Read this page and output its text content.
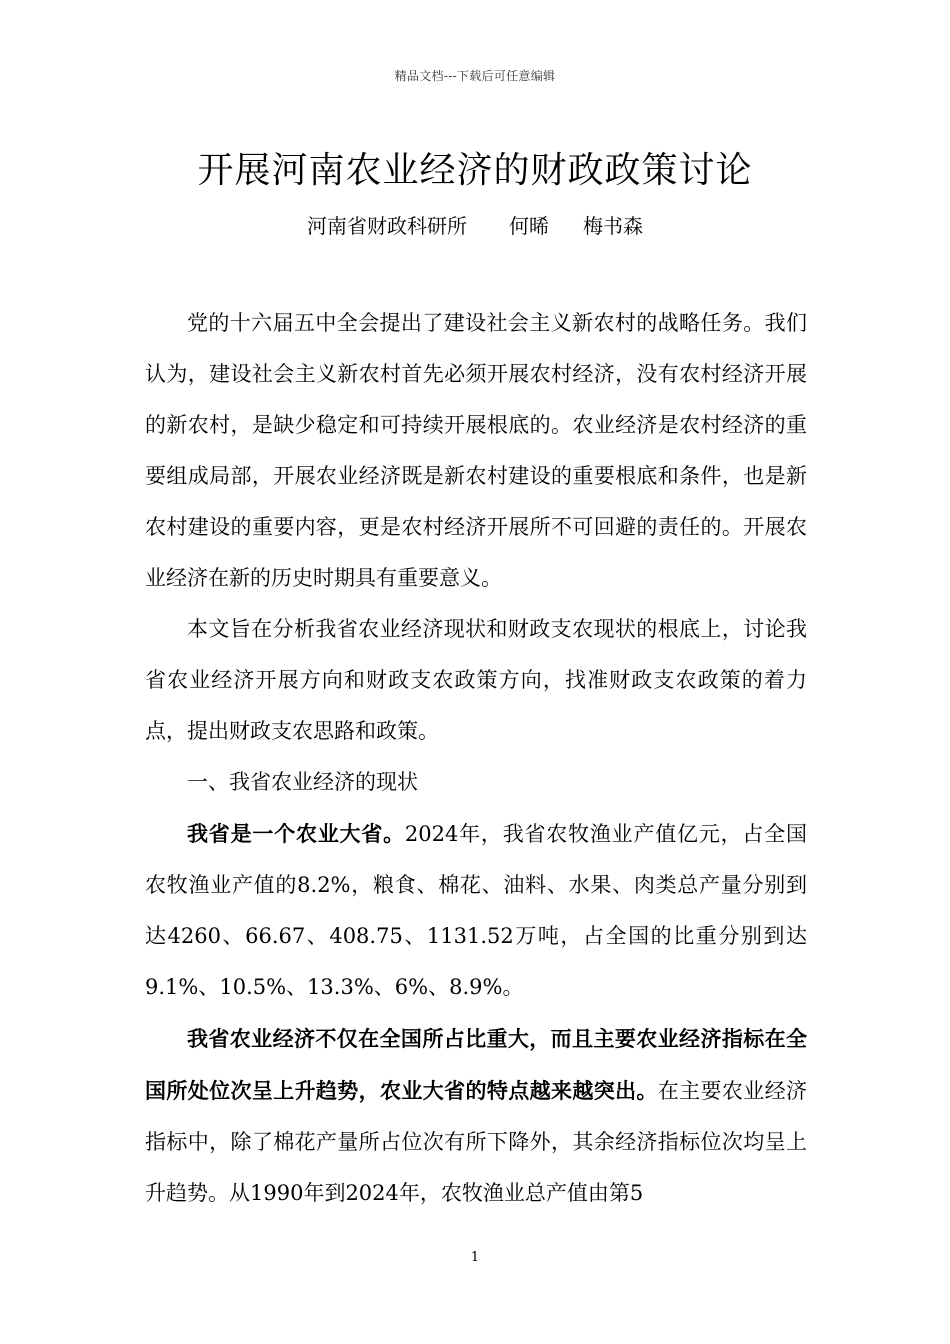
精品文档---下载后可任意编辑
开展河南农业经济的财政政策讨论
河南省财政科研所 何晞 梅书森

党的十六届五中全会提出了建设社会主义新农村的战略任务。我们认为，建设社会主义新农村首先必须开展农村经济，没有农村经济开展的新农村，是缺少稳定和可持续开展根底的。农业经济是农村经济的重要组成局部，开展农业经济既是新农村建设的重要根底和条件，也是新农村建设的重要内容，更是农村经济开展所不可回避的责任的。开展农业经济在新的历史时期具有重要意义。

本文旨在分析我省农业经济现状和财政支农现状的根底上，讨论我省农业经济开展方向和财政支农政策方向，找准财政支农政策的着力点，提出财政支农思路和政策。

一、我省农业经济的现状

我省是一个农业大省。2024年，我省农牧渔业产值亿元，占全国农牧渔业产值的8.2%，粮食、棉花、油料、水果、肉类总产量分别到达4260、66.67、408.75、1131.52万吨，占全国的比重分别到达9.1%、10.5%、13.3%、6%、8.9%。

我省农业经济不仅在全国所占比重大，而且主要农业经济指标在全国所处位次呈上升趋势，农业大省的特点越来越突出。在主要农业经济指标中，除了棉花产量所占位次有所下降外，其余经济指标位次均呈上升趋势。从1990年到2024年，农牧渔业总产值由第5

1
